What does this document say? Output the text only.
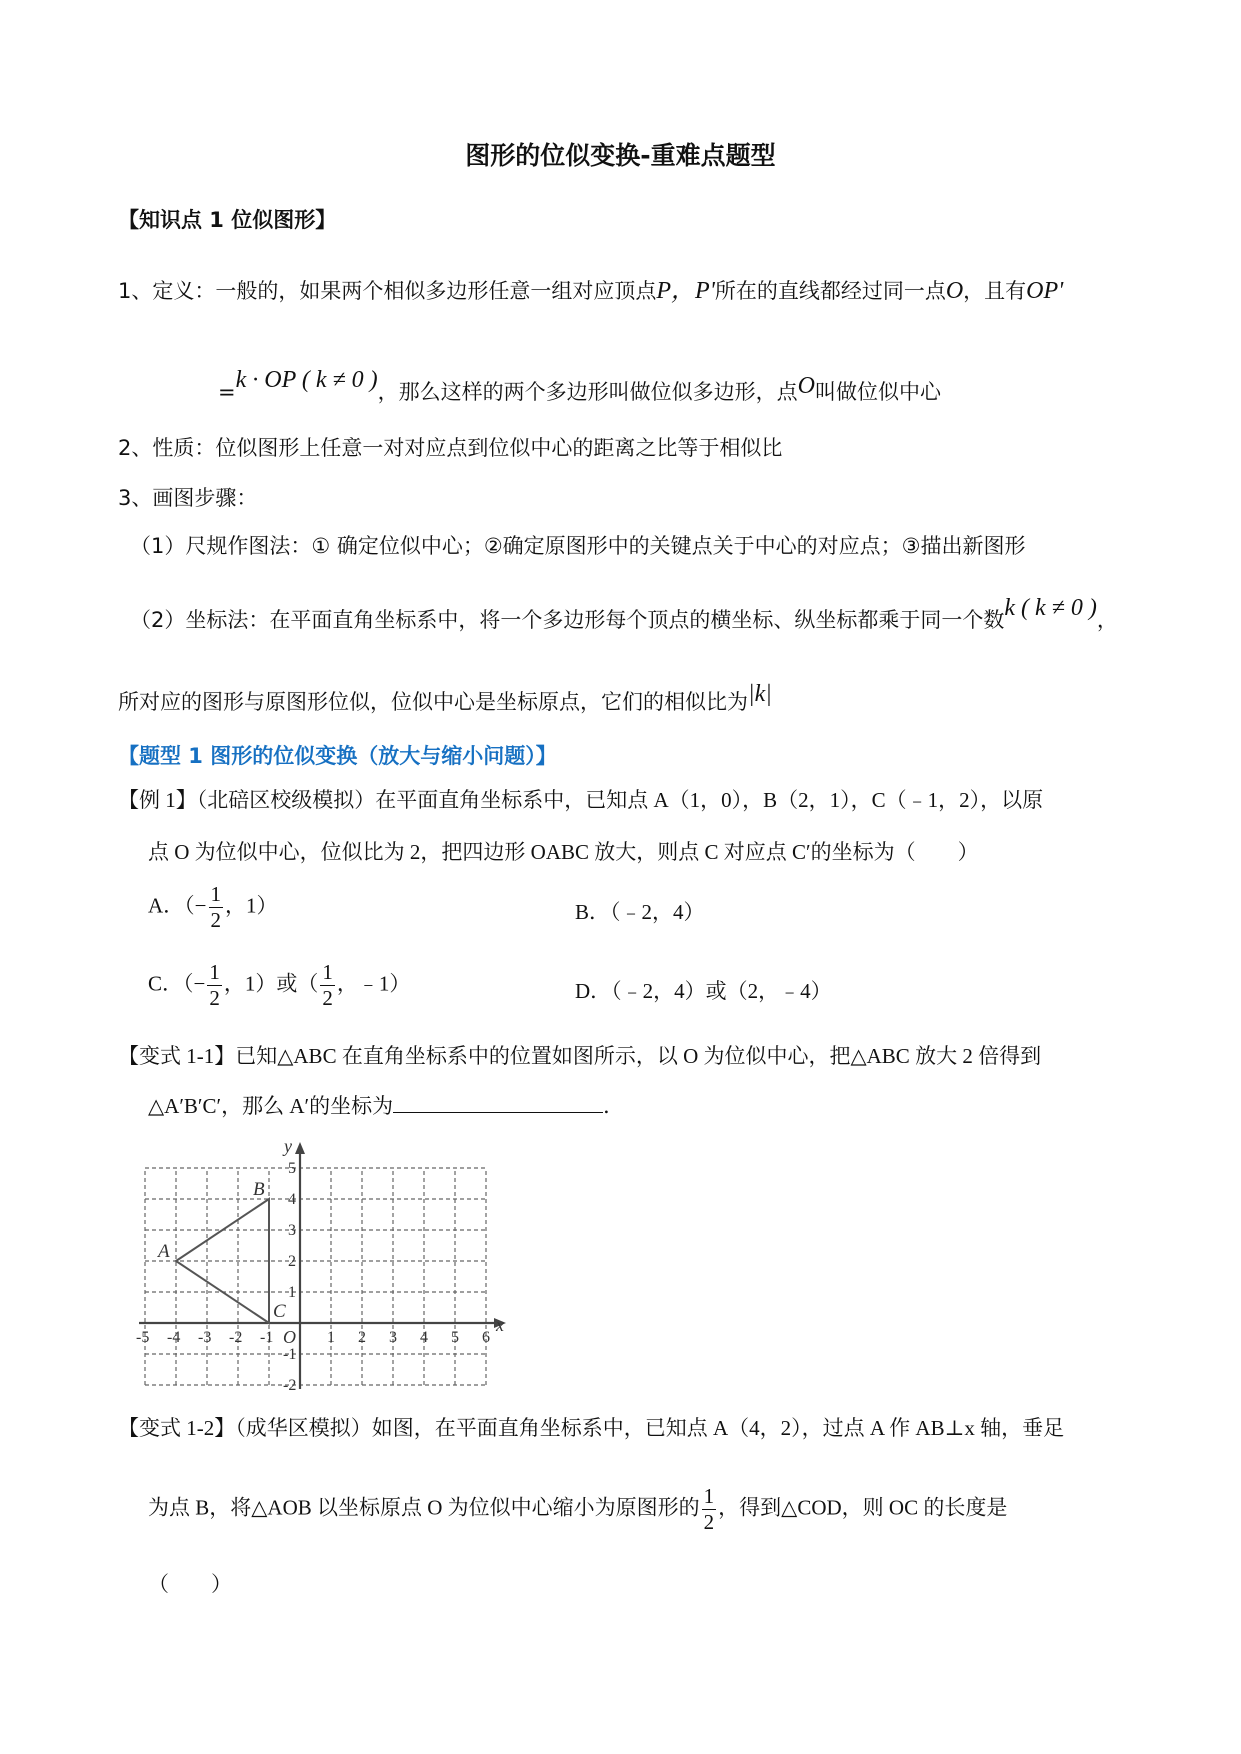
图形的位似变换-重难点题型
【知识点 1 位似图形】
1、定义：一般的，如果两个相似多边形任意一组对应顶点P，P'所在的直线都经过同一点O，且有OP'
=k · OP ( k ≠ 0 )，那么这样的两个多边形叫做位似多边形，点O叫做位似中心
2、性质：位似图形上任意一对对应点到位似中心的距离之比等于相似比
3、画图步骤：
（1）尺规作图法：① 确定位似中心；②确定原图形中的关键点关于中心的对应点；③描出新图形
（2）坐标法：在平面直角坐标系中，将一个多边形每个顶点的横坐标、纵坐标都乘于同一个数k ( k ≠ 0 )，
所对应的图形与原图形位似，位似中心是坐标原点，它们的相似比为|k|
【题型 1 图形的位似变换（放大与缩小问题）】
【例 1】（北碚区校级模拟）在平面直角坐标系中，已知点 A（1，0），B（2，1），C（﹣1，2），以原
点 O 为位似中心，位似比为 2，把四边形 OABC 放大，则点 C 对应点 C′的坐标为（　　）
A．（− $\frac{1}{2}$ ，1）	B．（﹣2，4）
C．（− $\frac{1}{2}$ ，1）或（ $\frac{1}{2}$ ，﹣1）	D．（﹣2，4）或（2，﹣4）
【变式 1-1】已知△ABC 在直角坐标系中的位置如图所示，以 O 为位似中心，把△ABC 放大 2 倍得到
△A′B′C′，那么 A′的坐标为	．
-5 -4 -3 -2 -1	1 2 3 4 5 6
5
4
3
2
1
-1
-2
O
x
y
A
B
C
【变式 1-2】（成华区模拟）如图，在平面直角坐标系中，已知点 A（4，2），过点 A 作 AB⊥x 轴，垂足
为点 B，将△AOB 以坐标原点 O 为位似中心缩小为原图形的 $\frac{1}{2}$ ，得到△COD，则 OC 的长度是
（　　）
